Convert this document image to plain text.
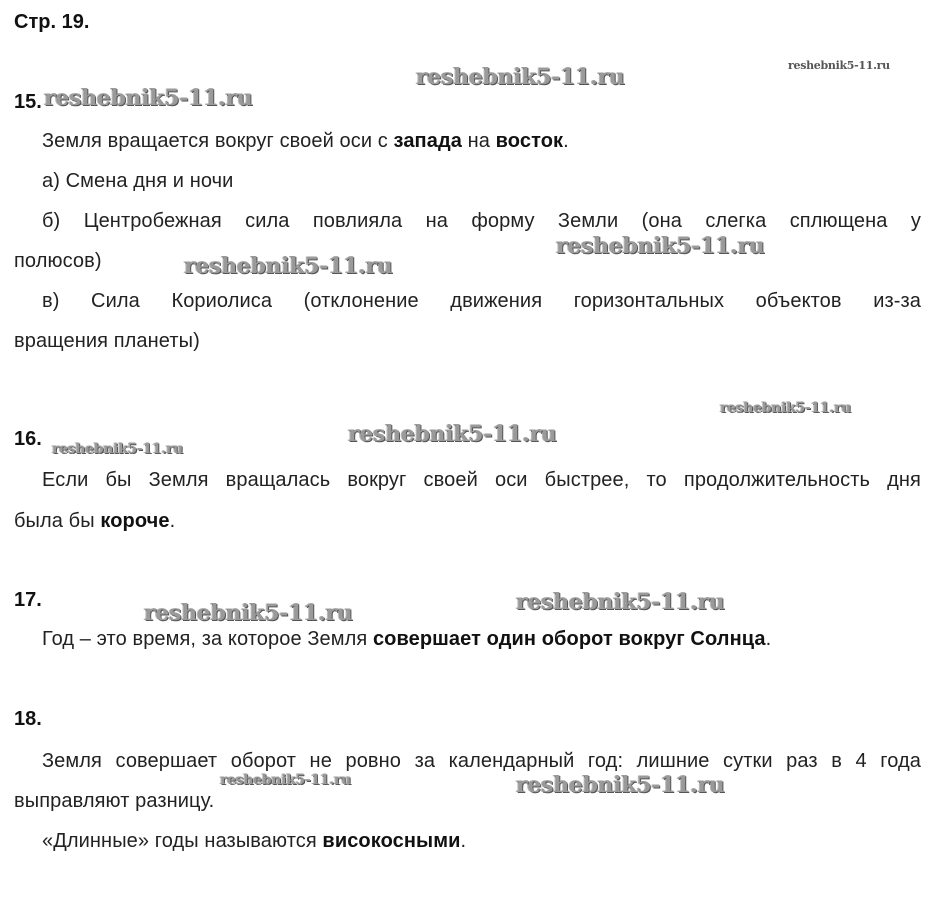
Стр. 19.
reshebnik5-11.ru
reshebnik5-11.ru
reshebnik5-11.ru
reshebnik5-11.ru
reshebnik5-11.ru
reshebnik5-11.ru
reshebnik5-11.ru
reshebnik5-11.ru
reshebnik5-11.ru
reshebnik5-11.ru
reshebnik5-11.ru	reshebnik5-11.ru
15.
Земля вращается вокруг своей оси с запада на восток.
а) Смена дня и ночи
б) Центробежная сила повлияла на форму Земли (она слегка сплющена у
полюсов)
в) Сила Кориолиса (отклонение движения горизонтальных объектов из-за
вращения планеты)
16.
Если бы Земля вращалась вокруг своей оси быстрее, то продолжительность дня
была бы короче.
17.
Год – это время, за которое Земля совершает один оборот вокруг Солнца.
18.
Земля совершает оборот не ровно за календарный год: лишние сутки раз в 4 года
выправляют разницу.
«Длинные» годы называются високосными.
